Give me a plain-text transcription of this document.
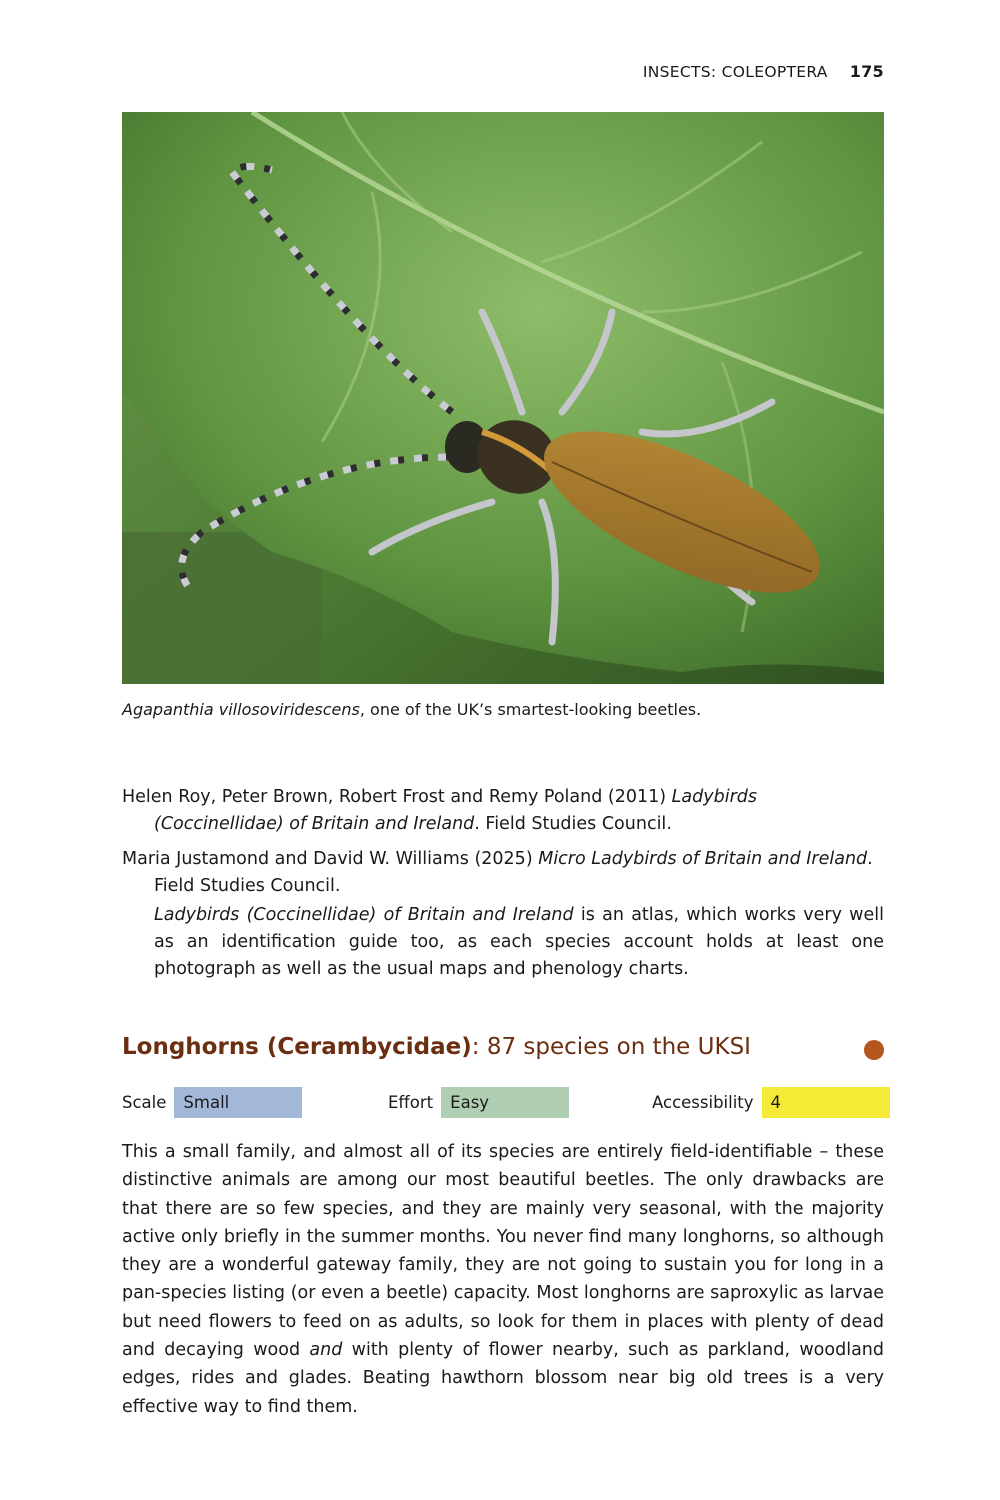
INSECTS: COLEOPTERA 175
Agapanthia villosoviridescens, one of the UK’s smartest-looking beetles.

Helen Roy, Peter Brown, Robert Frost and Remy Poland (2011) Ladybirds (Coccinellidae) of Britain and Ireland. Field Studies Council.

Maria Justamond and David W. Williams (2025) Micro Ladybirds of Britain and Ireland. Field Studies Council.

Ladybirds (Coccinellidae) of Britain and Ireland is an atlas, which works very well as an identification guide too, as each species account holds at least one photograph as well as the usual maps and phenology charts.

Longhorns (Cerambycidae): 87 species on the UKSI
Scale	Small	Effort	Easy	Accessibility	4
This a small family, and almost all of its species are entirely field-identifiable – these distinctive animals are among our most beautiful beetles. The only drawbacks are that there are so few species, and they are mainly very seasonal, with the majority active only briefly in the summer months. You never find many longhorns, so although they are a wonderful gateway family, they are not going to sustain you for long in a pan-species listing (or even a beetle) capacity. Most longhorns are saproxylic as larvae but need flowers to feed on as adults, so look for them in places with plenty of dead and decaying wood and with plenty of flower nearby, such as parkland, woodland edges, rides and glades. Beating hawthorn blossom near big old trees is a very effective way to find them.
